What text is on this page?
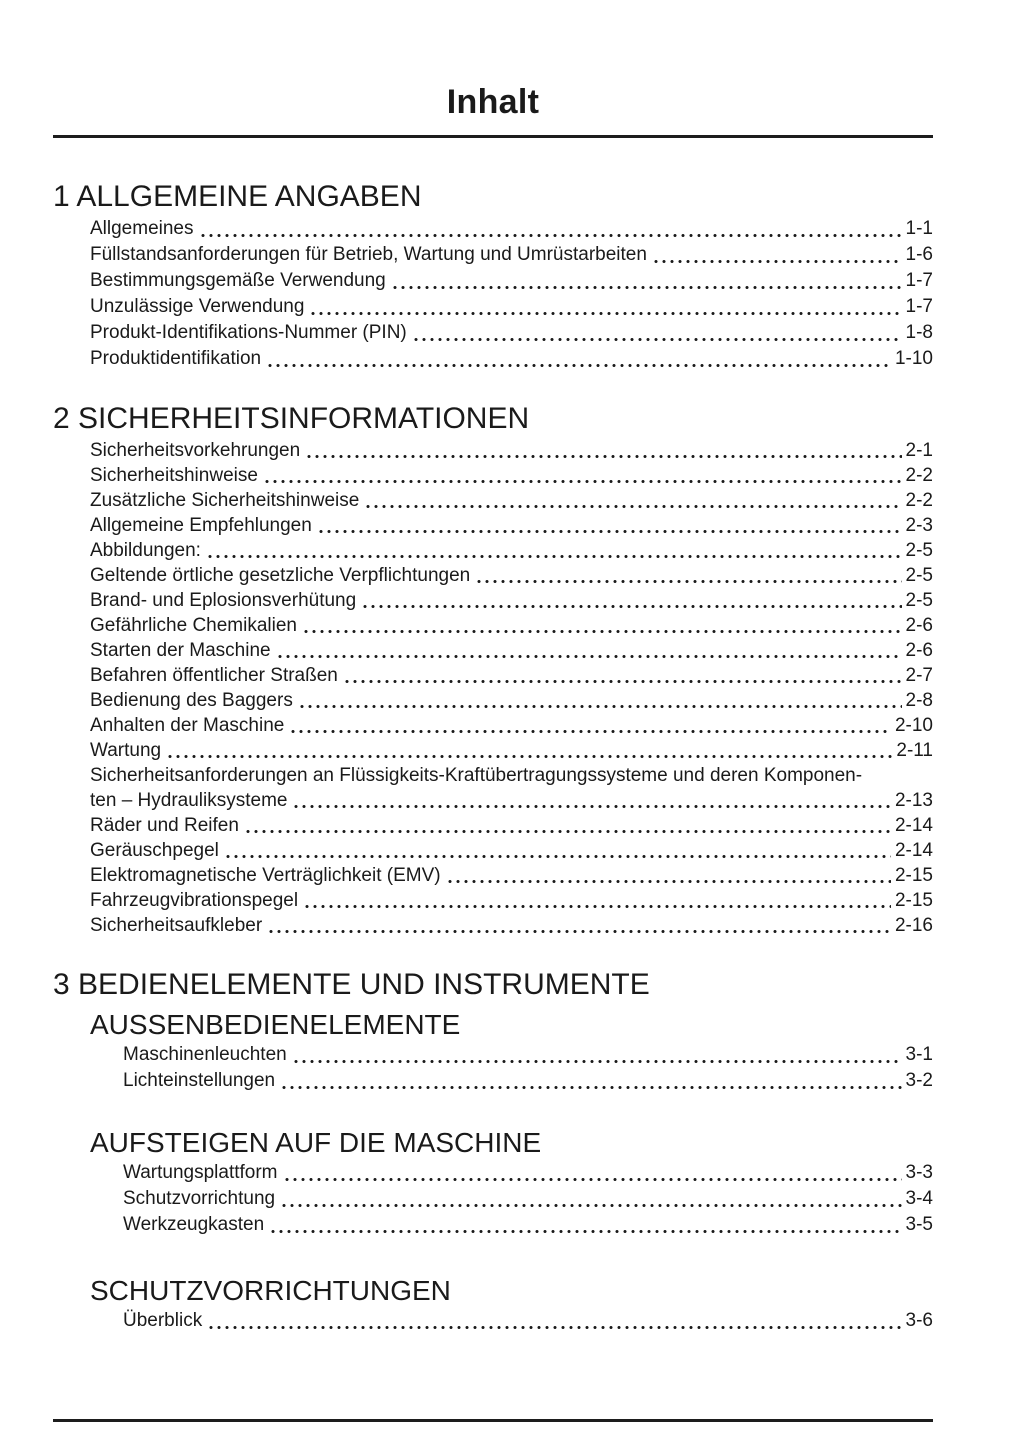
Inhalt
1 ALLGEMEINE ANGABEN
Allgemeines	1-1
Füllstandsanforderungen für Betrieb, Wartung und Umrüstarbeiten	1-6
Bestimmungsgemäße Verwendung	1-7
Unzulässige Verwendung	1-7
Produkt-Identifikations-Nummer (PIN)	1-8
Produktidentifikation	1-10
2 SICHERHEITSINFORMATIONEN
Sicherheitsvorkehrungen	2-1
Sicherheitshinweise	2-2
Zusätzliche Sicherheitshinweise	2-2
Allgemeine Empfehlungen	2-3
Abbildungen:	2-5
Geltende örtliche gesetzliche Verpflichtungen	2-5
Brand- und Eplosionsverhütung	2-5
Gefährliche Chemikalien	2-6
Starten der Maschine	2-6
Befahren öffentlicher Straßen	2-7
Bedienung des Baggers	2-8
Anhalten der Maschine	2-10
Wartung	2-11
Sicherheitsanforderungen an Flüssigkeits-Kraftübertragungssysteme und deren Komponen-
ten – Hydrauliksysteme	2-13
Räder und Reifen	2-14
Geräuschpegel	2-14
Elektromagnetische Verträglichkeit (EMV)	2-15
Fahrzeugvibrationspegel	2-15
Sicherheitsaufkleber	2-16
3 BEDIENELEMENTE UND INSTRUMENTE
AUSSENBEDIENELEMENTE
Maschinenleuchten	3-1
Lichteinstellungen	3-2
AUFSTEIGEN AUF DIE MASCHINE
Wartungsplattform	3-3
Schutzvorrichtung	3-4
Werkzeugkasten	3-5
SCHUTZVORRICHTUNGEN
Überblick	3-6
